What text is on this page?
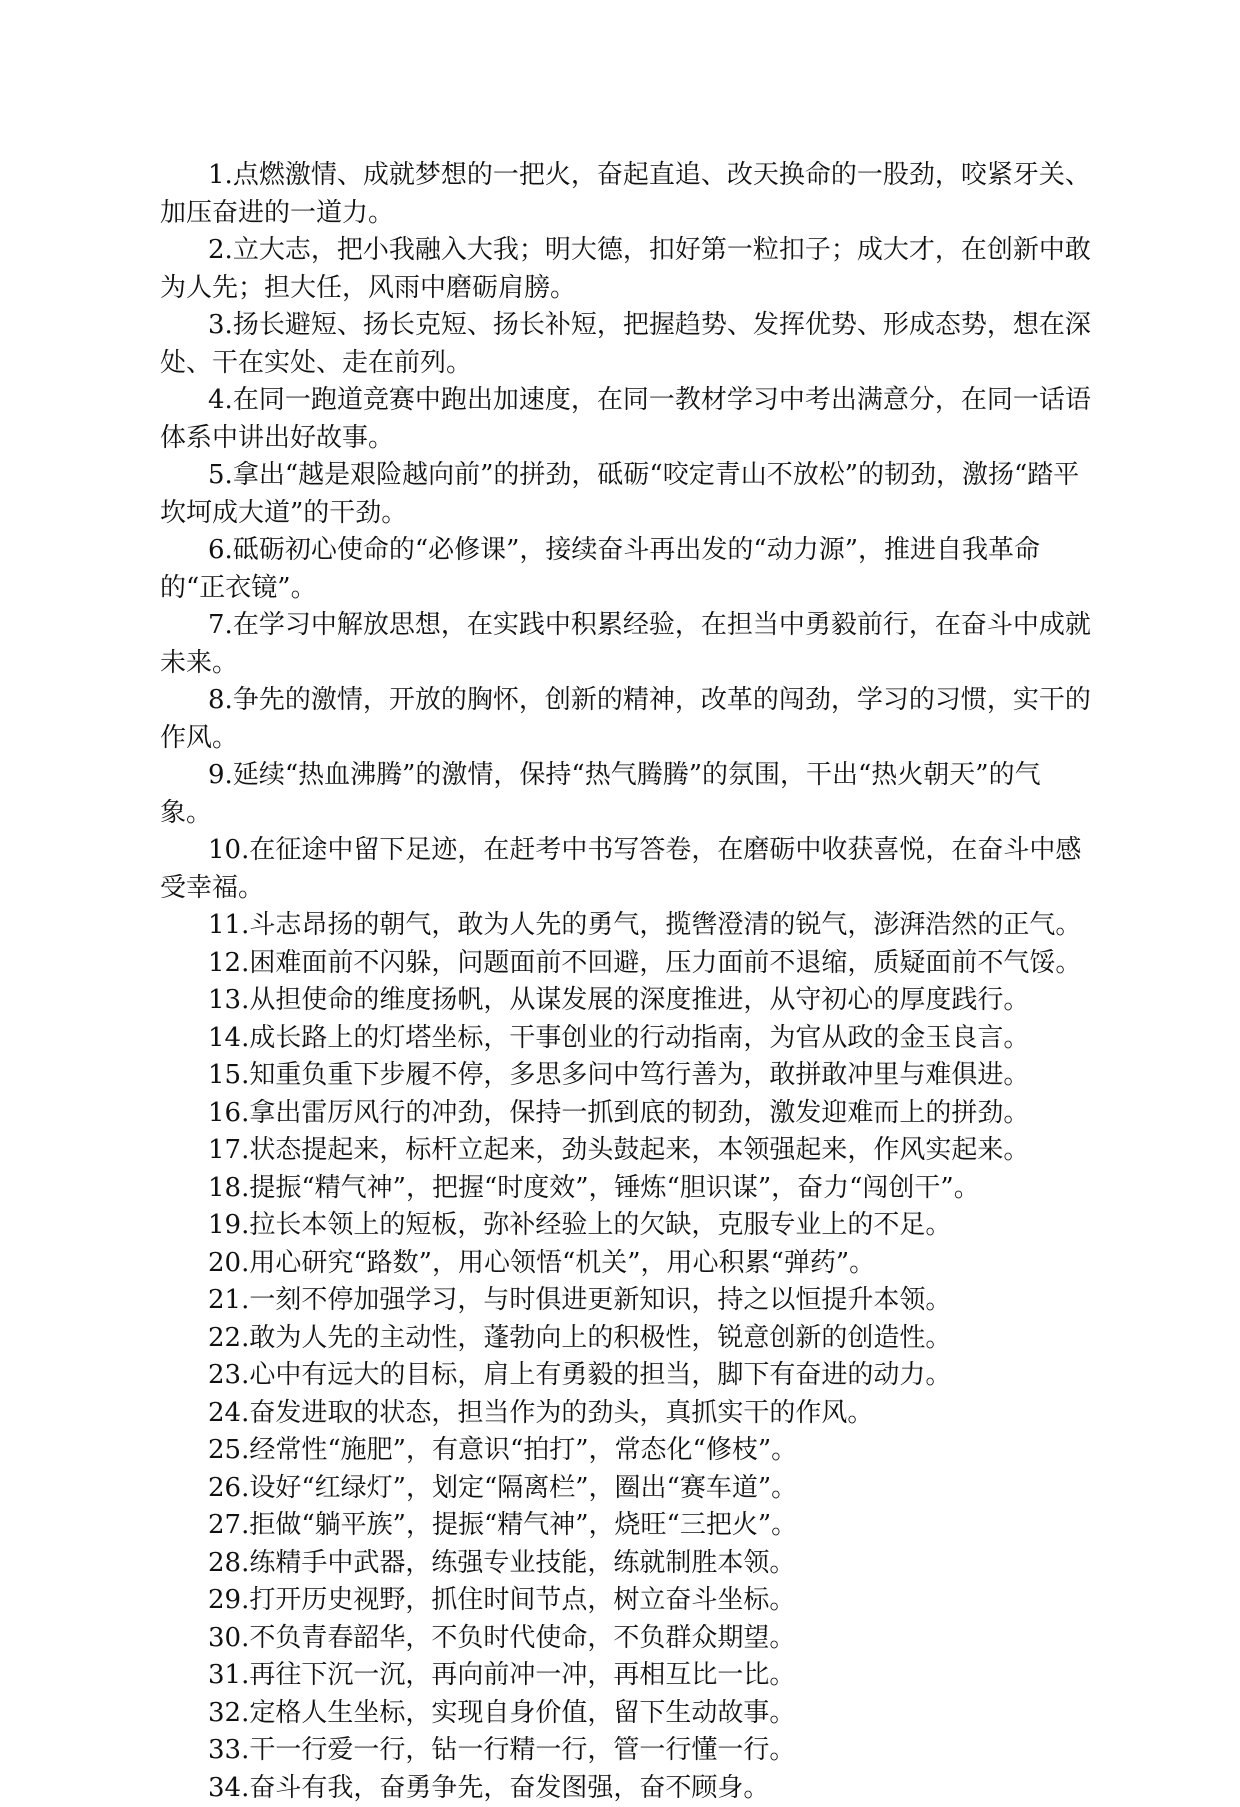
1.点燃激情、成就梦想的一把火，奋起直追、改天换命的一股劲，咬紧牙关、加压奋进的一道力。

2.立大志，把小我融入大我；明大德，扣好第一粒扣子；成大才，在创新中敢为人先；担大任，风雨中磨砺肩膀。

3.扬长避短、扬长克短、扬长补短，把握趋势、发挥优势、形成态势，想在深处、干在实处、走在前列。

4.在同一跑道竞赛中跑出加速度，在同一教材学习中考出满意分，在同一话语体系中讲出好故事。

5.拿出“越是艰险越向前”的拼劲，砥砺“咬定青山不放松”的韧劲，激扬“踏平坎坷成大道”的干劲。

6.砥砺初心使命的“必修课”，接续奋斗再出发的“动力源”，推进自我革命的“正衣镜”。

7.在学习中解放思想，在实践中积累经验，在担当中勇毅前行，在奋斗中成就未来。

8.争先的激情，开放的胸怀，创新的精神，改革的闯劲，学习的习惯，实干的作风。

9.延续“热血沸腾”的激情，保持“热气腾腾”的氛围，干出“热火朝天”的气象。

10.在征途中留下足迹，在赶考中书写答卷，在磨砺中收获喜悦，在奋斗中感受幸福。

11.斗志昂扬的朝气，敢为人先的勇气，揽辔澄清的锐气，澎湃浩然的正气。

12.困难面前不闪躲，问题面前不回避，压力面前不退缩，质疑面前不气馁。

13.从担使命的维度扬帆，从谋发展的深度推进，从守初心的厚度践行。

14.成长路上的灯塔坐标，干事创业的行动指南，为官从政的金玉良言。

15.知重负重下步履不停，多思多问中笃行善为，敢拼敢冲里与难俱进。

16.拿出雷厉风行的冲劲，保持一抓到底的韧劲，激发迎难而上的拼劲。

17.状态提起来，标杆立起来，劲头鼓起来，本领强起来，作风实起来。

18.提振“精气神”，把握“时度效”，锤炼“胆识谋”，奋力“闯创干”。

19.拉长本领上的短板，弥补经验上的欠缺，克服专业上的不足。

20.用心研究“路数”，用心领悟“机关”，用心积累“弹药”。

21.一刻不停加强学习，与时俱进更新知识，持之以恒提升本领。

22.敢为人先的主动性，蓬勃向上的积极性，锐意创新的创造性。

23.心中有远大的目标，肩上有勇毅的担当，脚下有奋进的动力。

24.奋发进取的状态，担当作为的劲头，真抓实干的作风。

25.经常性“施肥”，有意识“拍打”，常态化“修枝”。

26.设好“红绿灯”，划定“隔离栏”，圈出“赛车道”。

27.拒做“躺平族”，提振“精气神”，烧旺“三把火”。

28.练精手中武器，练强专业技能，练就制胜本领。

29.打开历史视野，抓住时间节点，树立奋斗坐标。

30.不负青春韶华，不负时代使命，不负群众期望。

31.再往下沉一沉，再向前冲一冲，再相互比一比。

32.定格人生坐标，实现自身价值，留下生动故事。

33.干一行爱一行，钻一行精一行，管一行懂一行。

34.奋斗有我，奋勇争先，奋发图强，奋不顾身。
